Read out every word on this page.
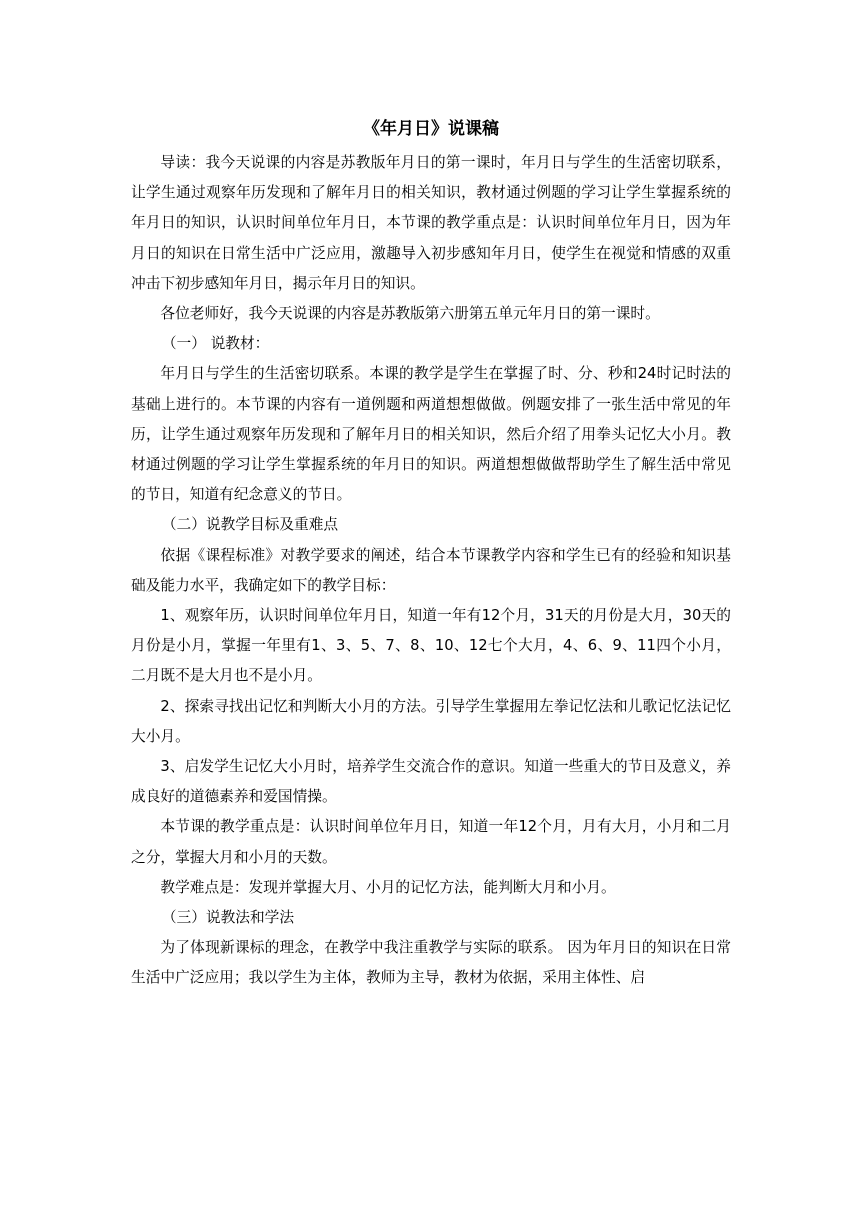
《年月日》说课稿

导读：我今天说课的内容是苏教版年月日的第一课时，年月日与学生的生活密切联系，让学生通过观察年历发现和了解年月日的相关知识，教材通过例题的学习让学生掌握系统的年月日的知识，认识时间单位年月日，本节课的教学重点是：认识时间单位年月日，因为年月日的知识在日常生活中广泛应用，激趣导入初步感知年月日，使学生在视觉和情感的双重冲击下初步感知年月日，揭示年月日的知识。

各位老师好，我今天说课的内容是苏教版第六册第五单元年月日的第一课时。

（一） 说教材：

年月日与学生的生活密切联系。本课的教学是学生在掌握了时、分、秒和24时记时法的基础上进行的。本节课的内容有一道例题和两道想想做做。例题安排了一张生活中常见的年历，让学生通过观察年历发现和了解年月日的相关知识，然后介绍了用拳头记忆大小月。教材通过例题的学习让学生掌握系统的年月日的知识。两道想想做做帮助学生了解生活中常见的节日，知道有纪念意义的节日。

（二）说教学目标及重难点

依据《课程标准》对教学要求的阐述，结合本节课教学内容和学生已有的经验和知识基础及能力水平，我确定如下的教学目标：

1、观察年历，认识时间单位年月日，知道一年有12个月，31天的月份是大月，30天的月份是小月，掌握一年里有1、3、5、7、8、10、12七个大月，4、6、9、11四个小月，二月既不是大月也不是小月。

2、探索寻找出记忆和判断大小月的方法。引导学生掌握用左拳记忆法和儿歌记忆法记忆大小月。

3、启发学生记忆大小月时，培养学生交流合作的意识。知道一些重大的节日及意义，养成良好的道德素养和爱国情操。

本节课的教学重点是：认识时间单位年月日，知道一年12个月，月有大月，小月和二月之分，掌握大月和小月的天数。

教学难点是：发现并掌握大月、小月的记忆方法，能判断大月和小月。

（三）说教法和学法

为了体现新课标的理念，在教学中我注重教学与实际的联系。 因为年月日的知识在日常生活中广泛应用；我以学生为主体，教师为主导，教材为依据，采用主体性、启
